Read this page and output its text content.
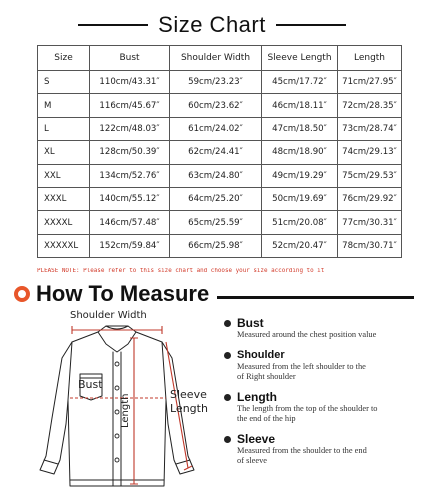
Size Chart
Size	Bust	Shoulder Width	Sleeve Length	Length
S	110cm/43.31″	59cm/23.23″	45cm/17.72″	71cm/27.95″
M	116cm/45.67″	60cm/23.62″	46cm/18.11″	72cm/28.35″
L	122cm/48.03″	61cm/24.02″	47cm/18.50″	73cm/28.74″
XL	128cm/50.39″	62cm/24.41″	48cm/18.90″	74cm/29.13″
XXL	134cm/52.76″	63cm/24.80″	49cm/19.29″	75cm/29.53″
XXXL	140cm/55.12″	64cm/25.20″	50cm/19.69″	76cm/29.92″
XXXXL	146cm/57.48″	65cm/25.59″	51cm/20.08″	77cm/30.31″
XXXXXL	152cm/59.84″	66cm/25.98″	52cm/20.47″	78cm/30.71″
PLEASE NOTE: Please refer to this size chart and choose your size according to it
How To Measure
Shoulder Width
Bust
Sleeve
Length
Length
Bust
Measured around the chest position value
Shoulder
Measured from the left shoulder to the
of Right shoulder
Length
The length from the top of the shoulder to
the end of the hip
Sleeve
Measured from the shoulder to the end
of sleeve
